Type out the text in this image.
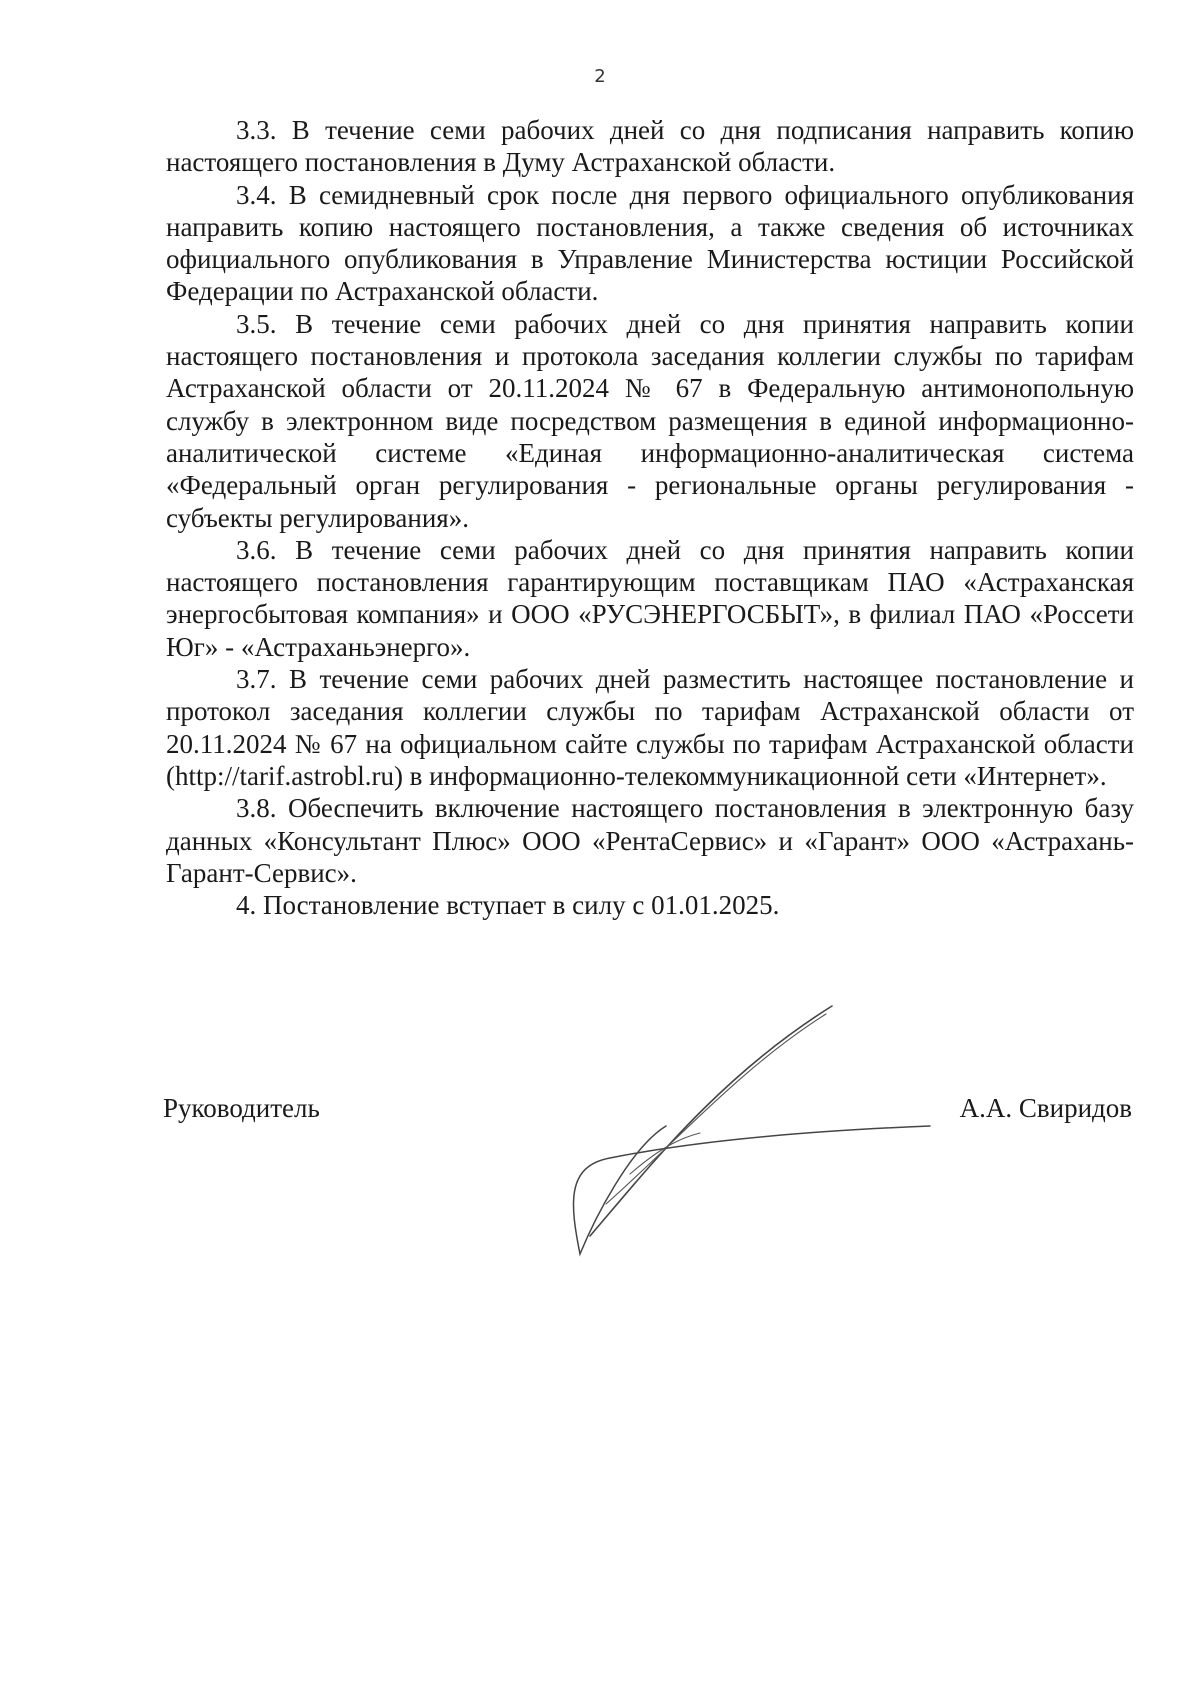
2

3.3. В течение семи рабочих дней со дня подписания направить копию настоящего постановления в Думу Астраханской области.

3.4. В семидневный срок после дня первого официального опубликования направить копию настоящего постановления, а также сведения об источниках официального опубликования в Управление Министерства юстиции Российской Федерации по Астраханской области.

3.5. В течение семи рабочих дней со дня принятия направить копии настоящего постановления и протокола заседания коллегии службы по тарифам Астраханской области от 20.11.2024 № 67 в Федеральную антимонопольную службу в электронном виде посредством размещения в единой информационно-аналитической системе «Единая информационно-аналитическая система «Федеральный орган регулирования - региональные органы регулирования - субъекты регулирования».

3.6. В течение семи рабочих дней со дня принятия направить копии настоящего постановления гарантирующим поставщикам ПАО «Астраханская энергосбытовая компания» и ООО «РУСЭНЕРГОСБЫТ», в филиал ПАО «Россети Юг» - «Астраханьэнерго».

3.7. В течение семи рабочих дней разместить настоящее постановление и протокол заседания коллегии службы по тарифам Астраханской области от 20.11.2024 № 67 на официальном сайте службы по тарифам Астраханской области (http://tarif.astrobl.ru) в информационно-телекоммуникационной сети «Интернет».

3.8. Обеспечить включение настоящего постановления в электронную базу данных «Консультант Плюс» ООО «РентаСервис» и «Гарант» ООО «Астрахань-Гарант-Сервис».

4. Постановление вступает в силу с 01.01.2025.

Руководитель	А.А. Свиридов
